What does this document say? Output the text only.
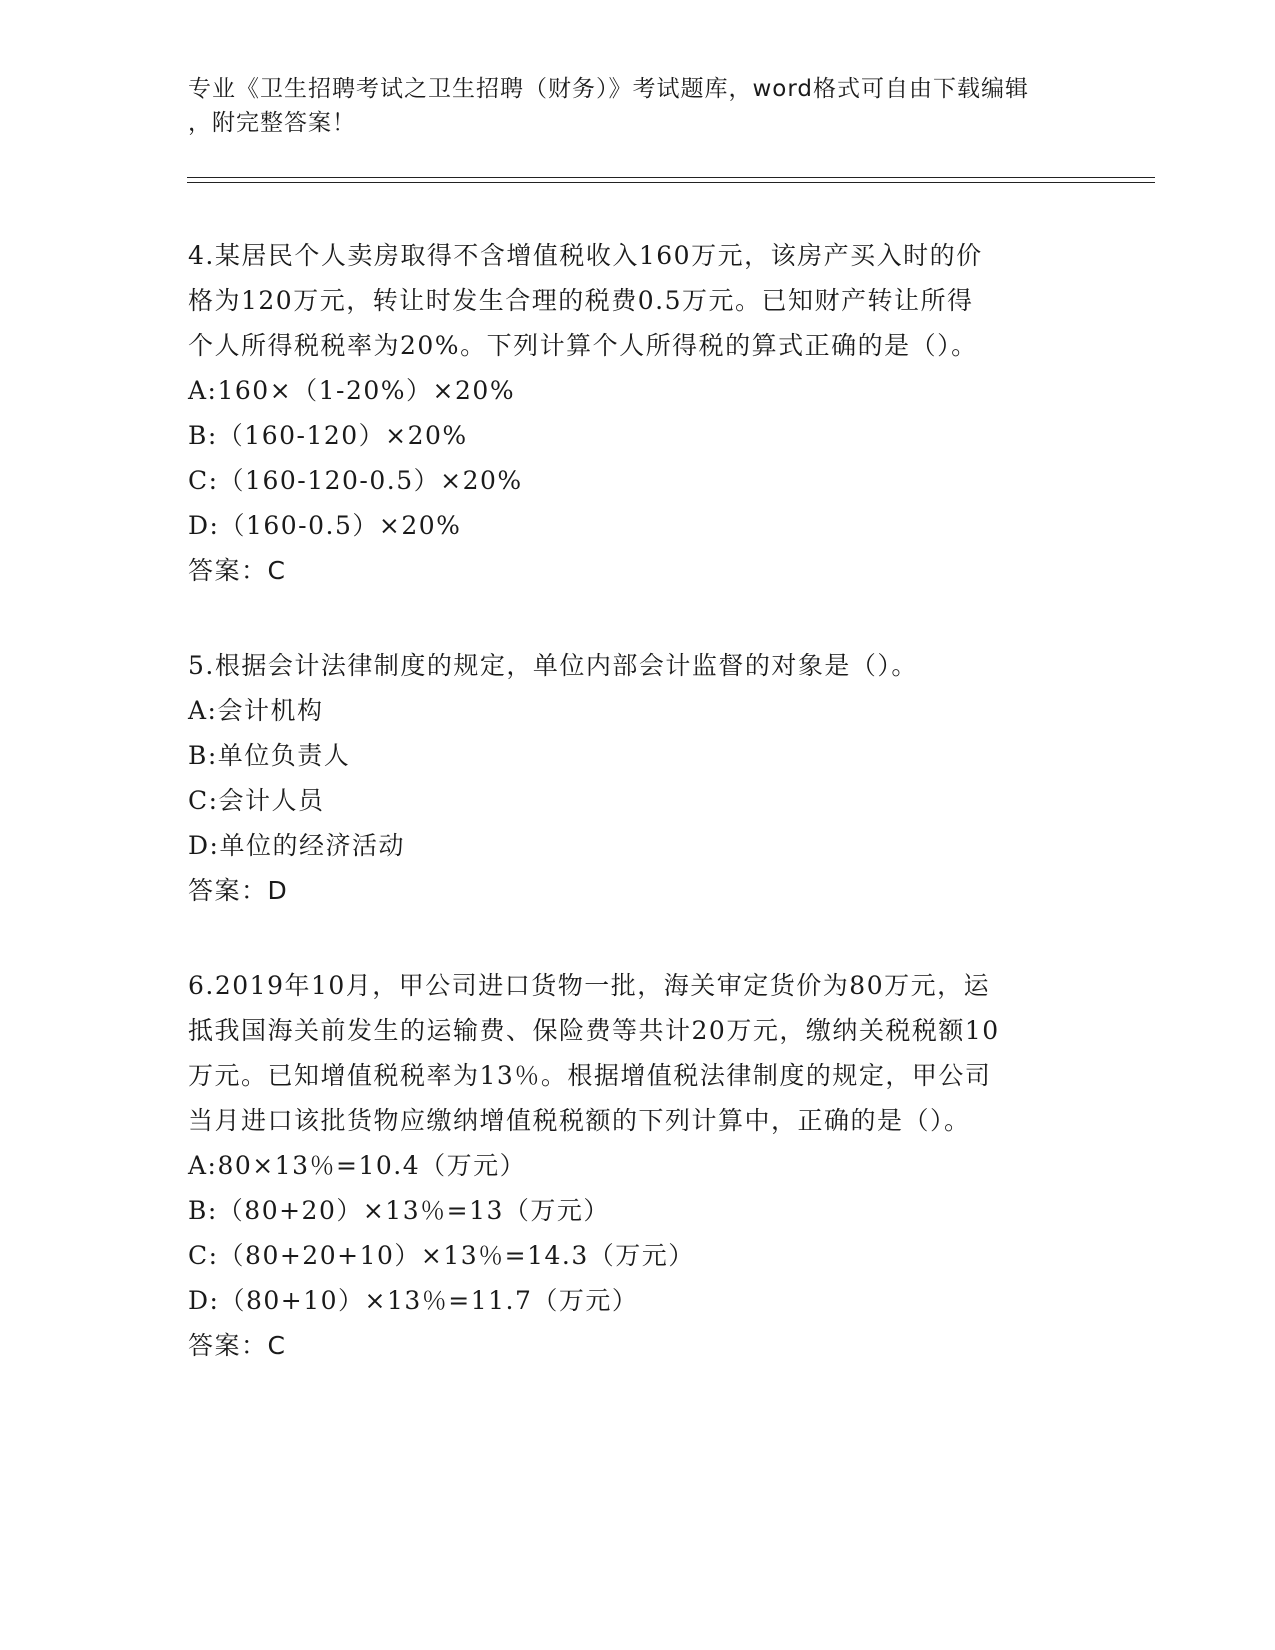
专业《卫生招聘考试之卫生招聘（财务）》考试题库，word格式可自由下载编辑
，附完整答案！
4.某居民个人卖房取得不含增值税收入160万元，该房产买入时的价
格为120万元，转让时发生合理的税费0.5万元。已知财产转让所得
个人所得税税率为20%。下列计算个人所得税的算式正确的是（）。
A:160×（1-20%）×20%
B:（160-120）×20%
C:（160-120-0.5）×20%
D:（160-0.5）×20%
答案：C
5.根据会计法律制度的规定，单位内部会计监督的对象是（）。
A:会计机构
B:单位负责人
C:会计人员
D:单位的经济活动
答案：D
6.2019年10月，甲公司进口货物一批，海关审定货价为80万元，运
抵我国海关前发生的运输费、保险费等共计20万元，缴纳关税税额10
万元。已知增值税税率为13％。根据增值税法律制度的规定，甲公司
当月进口该批货物应缴纳增值税税额的下列计算中，正确的是（）。
A:80×13％=10.4（万元）
B:（80+20）×13％=13（万元）
C:（80+20+10）×13％=14.3（万元）
D:（80+10）×13％=11.7（万元）
答案：C
